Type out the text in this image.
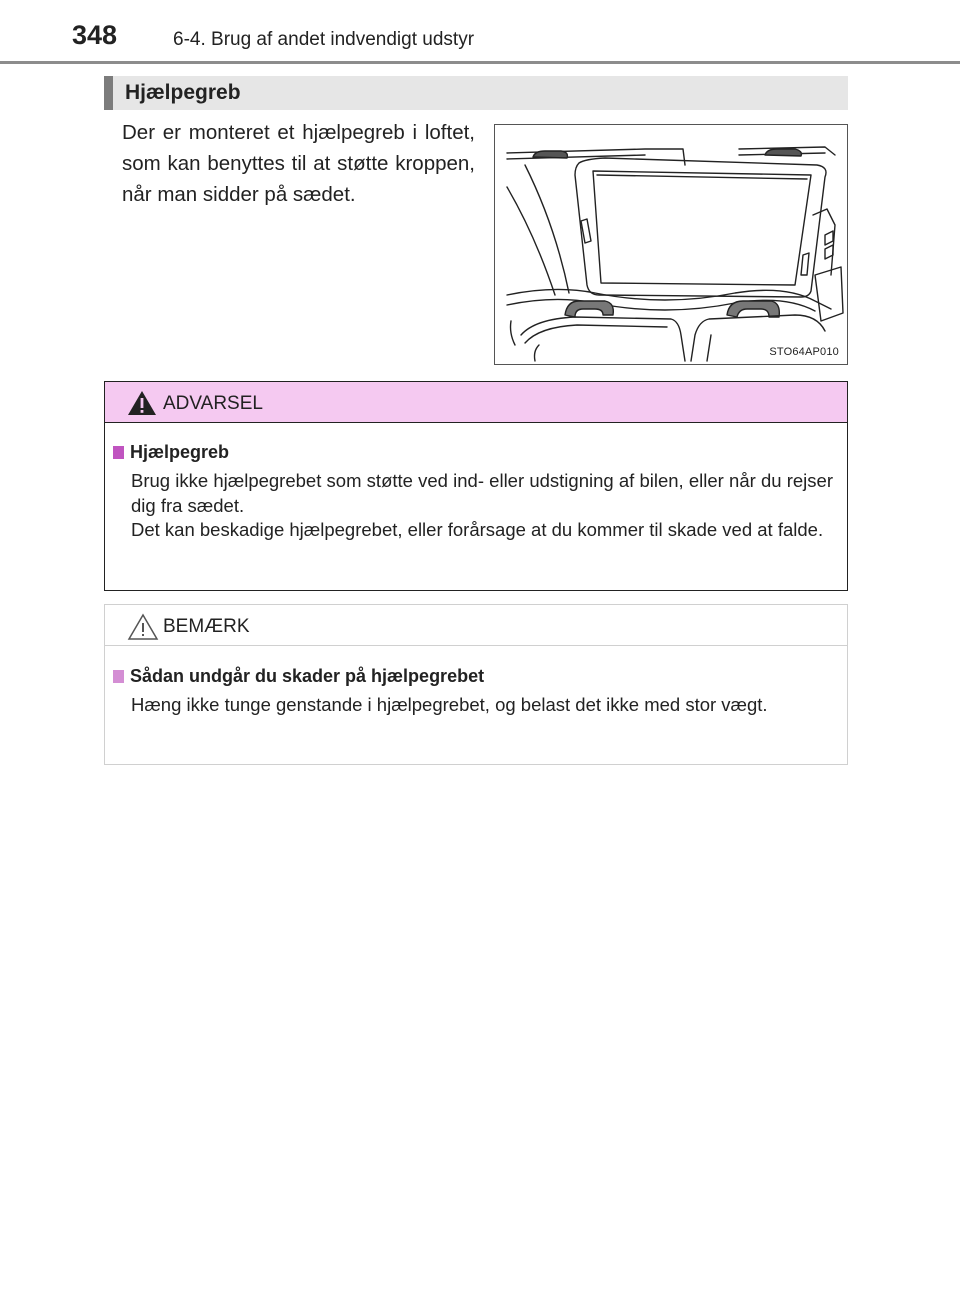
348	6-4. Brug af andet indvendigt udstyr
Hjælpegreb

Der er monteret et hjælpegreb i loftet, som kan benyttes til at støtte kroppen, når man sidder på sædet.

STO64AP010
ADVARSEL
Hjælpegreb

Brug ikke hjælpegrebet som støtte ved ind- eller udstigning af bilen, eller når du rejser dig fra sædet.

Det kan beskadige hjælpegrebet, eller forårsage at du kommer til skade ved at falde.

BEMÆRK
Sådan undgår du skader på hjælpegrebet

Hæng ikke tunge genstande i hjælpegrebet, og belast det ikke med stor vægt.
